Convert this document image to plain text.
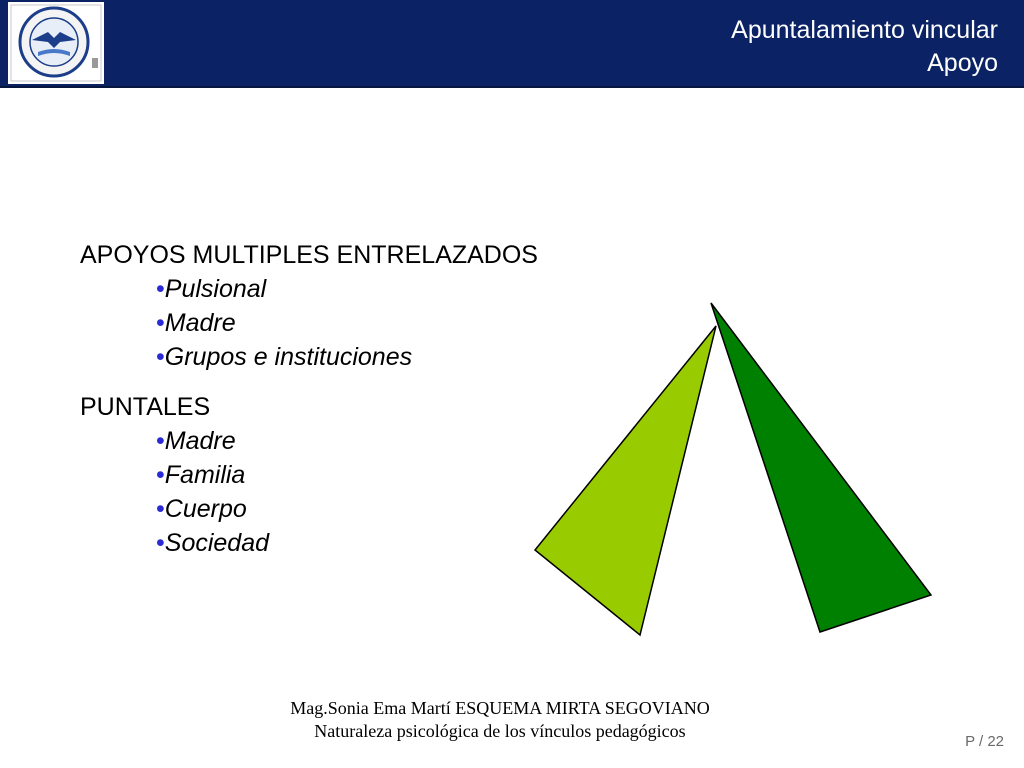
Apuntalamiento vincular
Apoyo
APOYOS MULTIPLES ENTRELAZADOS
•Pulsional
•Madre
•Grupos e instituciones
PUNTALES
•Madre
•Familia
•Cuerpo
•Sociedad
Mag.Sonia Ema Martí ESQUEMA MIRTA SEGOVIANO
Naturaleza psicológica de los vínculos pedagógicos
P / 22
